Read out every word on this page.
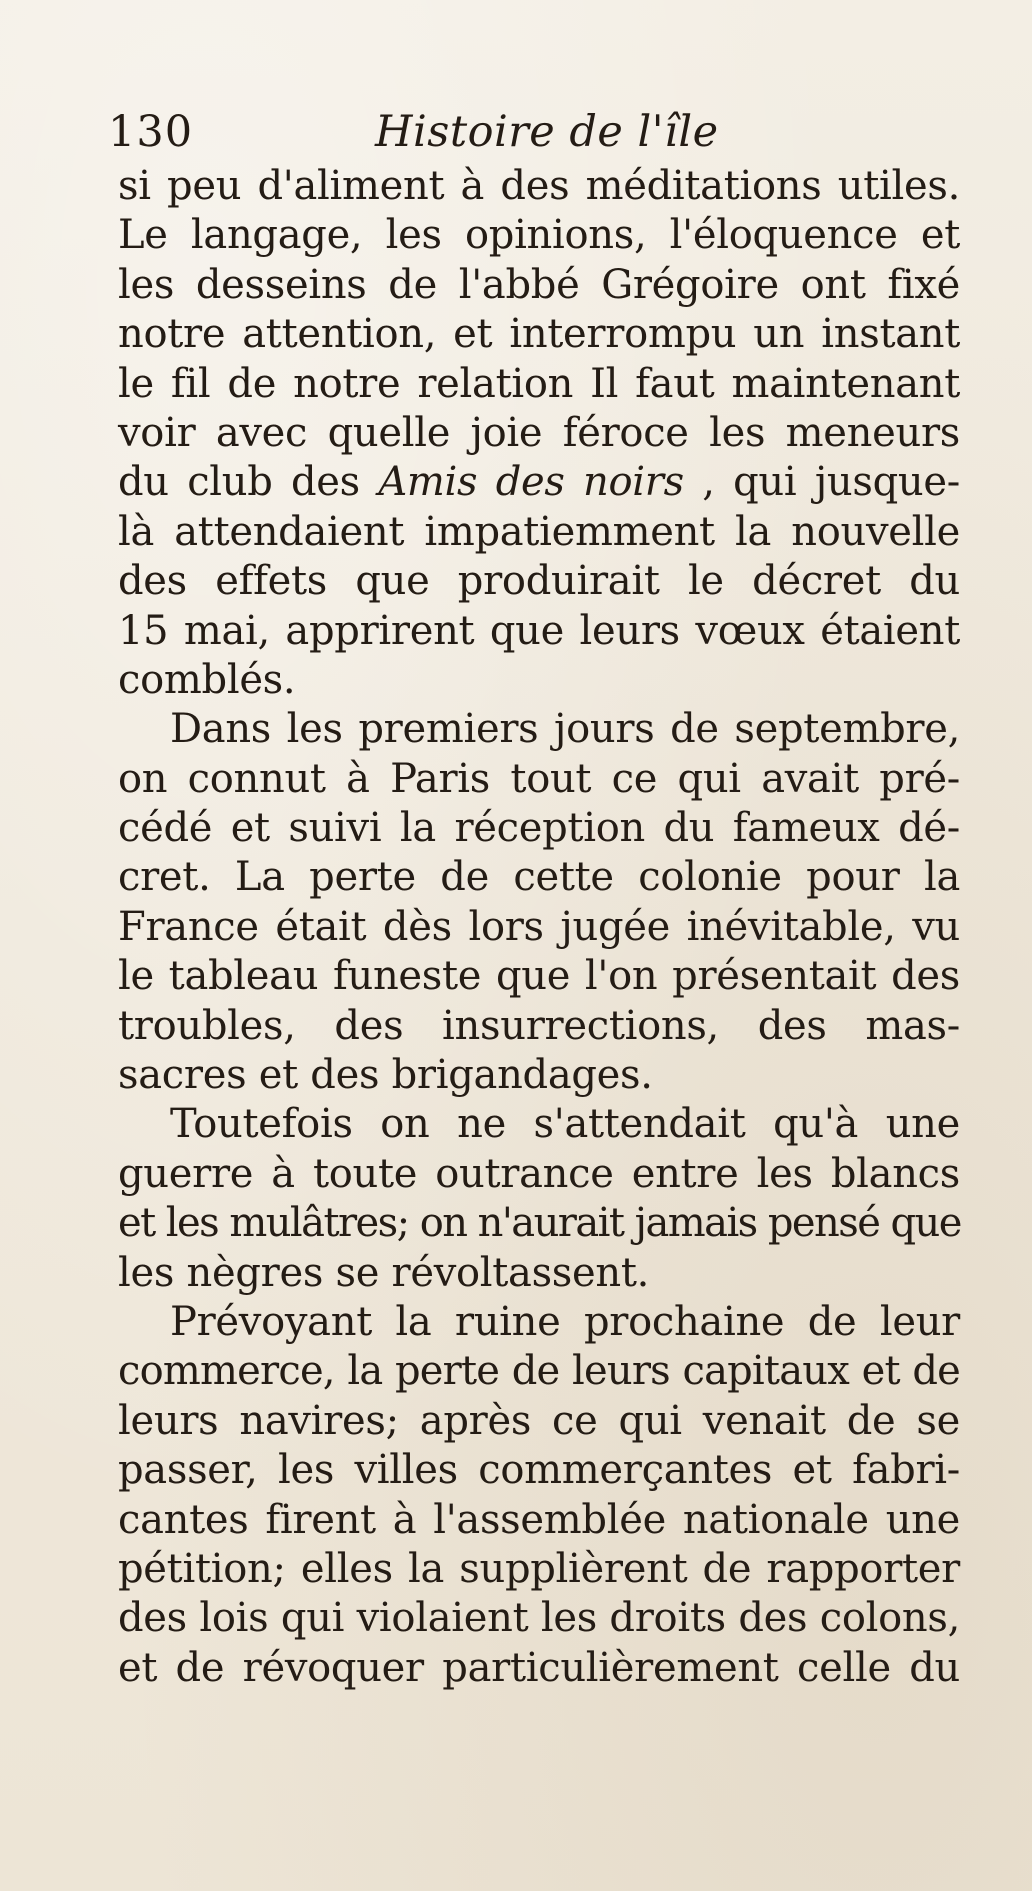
130	Histoire de l'île
si peu d'aliment à des méditations utiles.
Le langage, les opinions, l'éloquence et
les desseins de l'abbé Grégoire ont fixé
notre attention, et interrompu un instant
le fil de notre relation Il faut maintenant
voir avec quelle joie féroce les meneurs
du club des Amis des noirs , qui jusque-
là attendaient impatiemment la nouvelle
des effets que produirait le décret du
15 mai, apprirent que leurs vœux étaient
comblés.
Dans les premiers jours de septembre,
on connut à Paris tout ce qui avait pré-
cédé et suivi la réception du fameux dé-
cret. La perte de cette colonie pour la
France était dès lors jugée inévitable, vu
le tableau funeste que l'on présentait des
troubles, des insurrections, des mas-
sacres et des brigandages.
Toutefois on ne s'attendait qu'à une
guerre à toute outrance entre les blancs
et les mulâtres; on n'aurait jamais pensé que
les nègres se révoltassent.
Prévoyant la ruine prochaine de leur
commerce, la perte de leurs capitaux et de
leurs navires; après ce qui venait de se
passer, les villes commerçantes et fabri-
cantes firent à l'assemblée nationale une
pétition; elles la supplièrent de rapporter
des lois qui violaient les droits des colons,
et de révoquer particulièrement celle du
